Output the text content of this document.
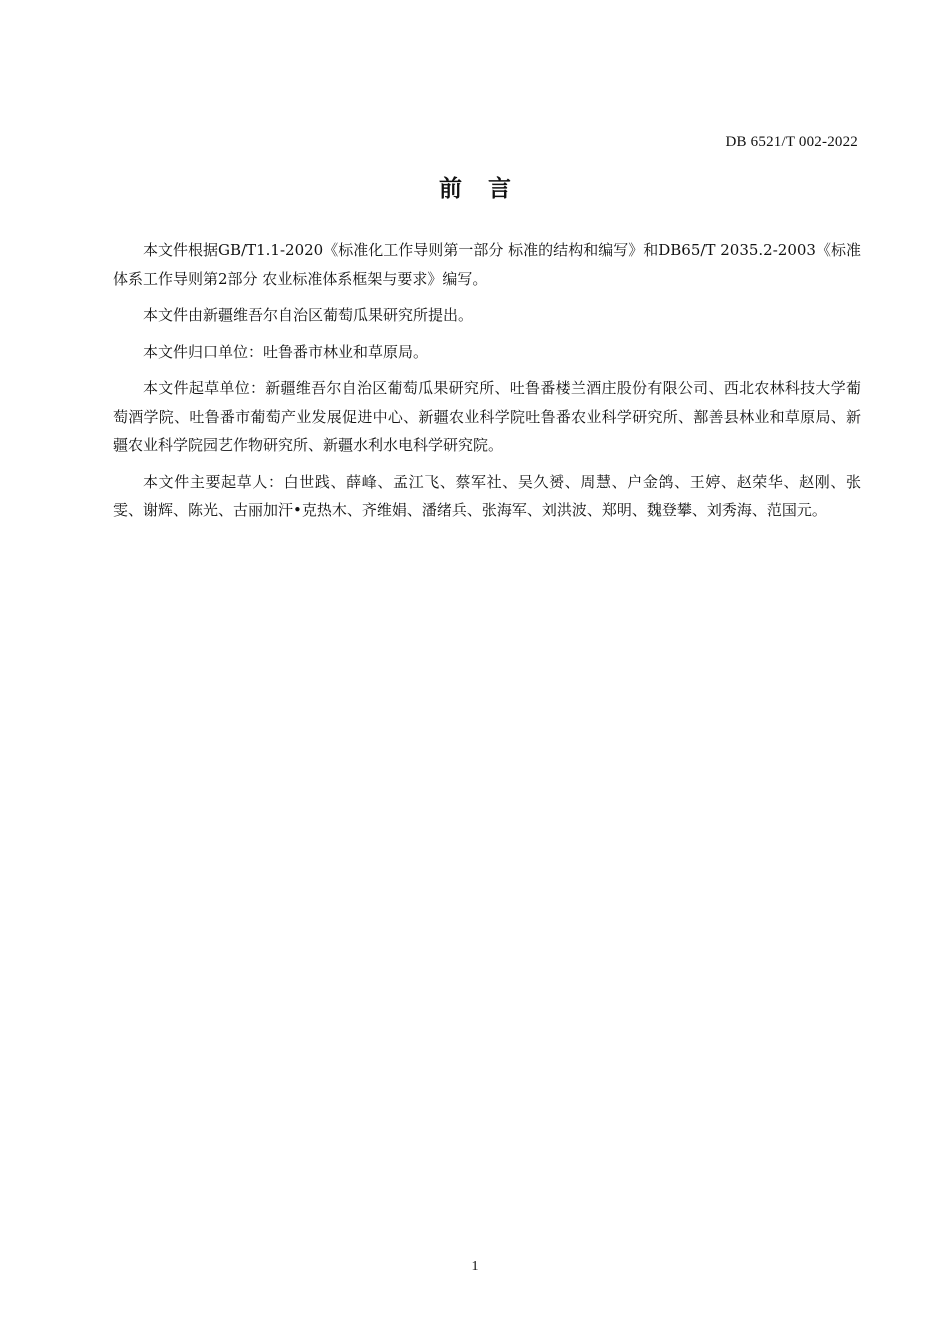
DB 6521/T 002-2022
前言

本文件根据GB/T1.1-2020《标准化工作导则第一部分 标准的结构和编写》和DB65/T 2035.2-2003《标准体系工作导则第2部分 农业标准体系框架与要求》编写。

本文件由新疆维吾尔自治区葡萄瓜果研究所提出。

本文件归口单位：吐鲁番市林业和草原局。

本文件起草单位：新疆维吾尔自治区葡萄瓜果研究所、吐鲁番楼兰酒庄股份有限公司、西北农林科技大学葡萄酒学院、吐鲁番市葡萄产业发展促进中心、新疆农业科学院吐鲁番农业科学研究所、鄯善县林业和草原局、新疆农业科学院园艺作物研究所、新疆水利水电科学研究院。

本文件主要起草人：白世践、薛峰、孟江飞、蔡军社、吴久赟、周慧、户金鸽、王婷、赵荣华、赵刚、张雯、谢辉、陈光、古丽加汗•克热木、齐维娟、潘绪兵、张海军、刘洪波、郑明、魏登攀、刘秀海、范国元。

1
